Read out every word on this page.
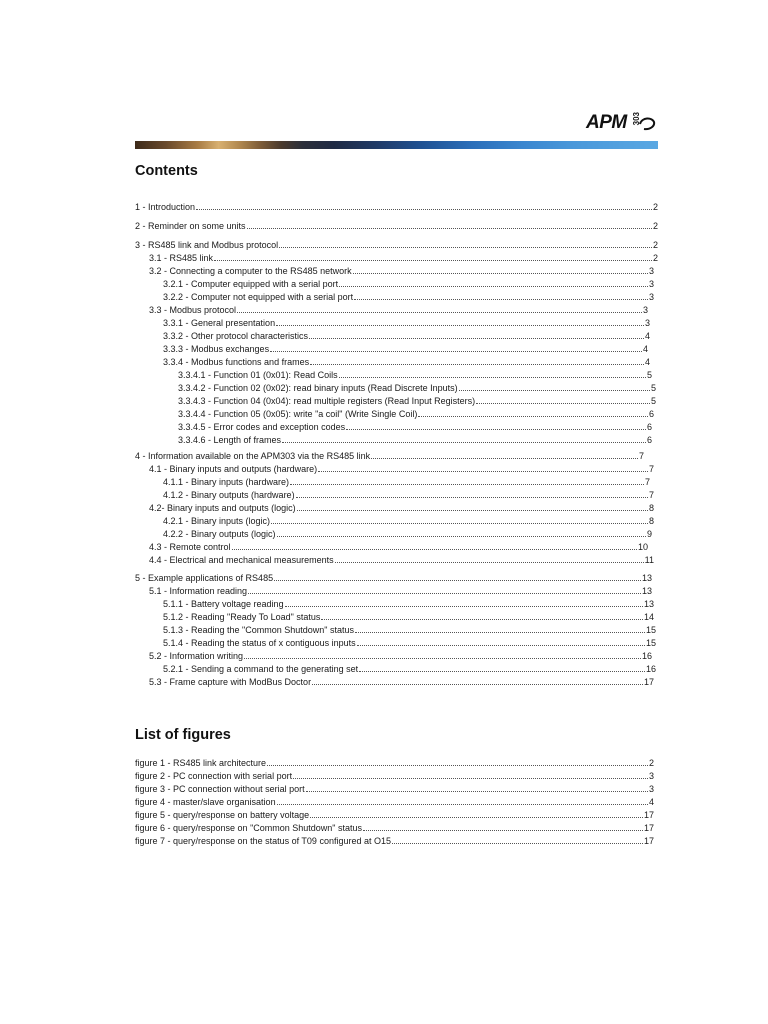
APM 303
Contents
1 - Introduction	2
2 - Reminder on some units	2
3 - RS485 link and Modbus protocol	2
3.1 - RS485 link	2
3.2 - Connecting a computer to the RS485 network	3
3.2.1 - Computer equipped with a serial port	3
3.2.2 - Computer not equipped with a serial port	3
3.3 - Modbus protocol	3
3.3.1 - General presentation	3
3.3.2 - Other protocol characteristics	4
3.3.3 - Modbus exchanges	4
3.3.4 - Modbus functions and frames	4
3.3.4.1 - Function 01 (0x01): Read Coils	5
3.3.4.2 - Function 02 (0x02): read binary inputs (Read Discrete Inputs)	5
3.3.4.3 - Function 04 (0x04): read multiple registers (Read Input Registers)	5
3.3.4.4 - Function 05 (0x05): write "a coil" (Write Single Coil)	6
3.3.4.5 - Error codes and exception codes	6
3.3.4.6 - Length of frames	6
4 - Information available on the APM303 via the RS485 link	7
4.1 - Binary inputs and outputs (hardware)	7
4.1.1 - Binary inputs (hardware)	7
4.1.2 - Binary outputs (hardware)	7
4.2- Binary inputs and outputs (logic)	8
4.2.1 - Binary inputs (logic)	8
4.2.2 - Binary outputs (logic)	9
4.3 - Remote control	10
4.4 - Electrical and mechanical measurements	11
5 - Example applications of RS485	13
5.1 - Information reading	13
5.1.1 - Battery voltage reading	13
5.1.2 - Reading "Ready To Load" status	14
5.1.3 - Reading the "Common Shutdown" status	15
5.1.4 - Reading the status of x contiguous inputs	15
5.2 - Information writing	16
5.2.1 - Sending a command to the generating set	16
5.3 - Frame capture with ModBus Doctor	17
List of figures
figure 1 - RS485 link architecture	2
figure 2 - PC connection with serial port	3
figure 3 - PC connection without serial port	3
figure 4 - master/slave organisation	4
figure 5 - query/response on battery voltage	17
figure 6 - query/response on "Common Shutdown" status	17
figure 7 - query/response on the status of T09 configured at O15	17
